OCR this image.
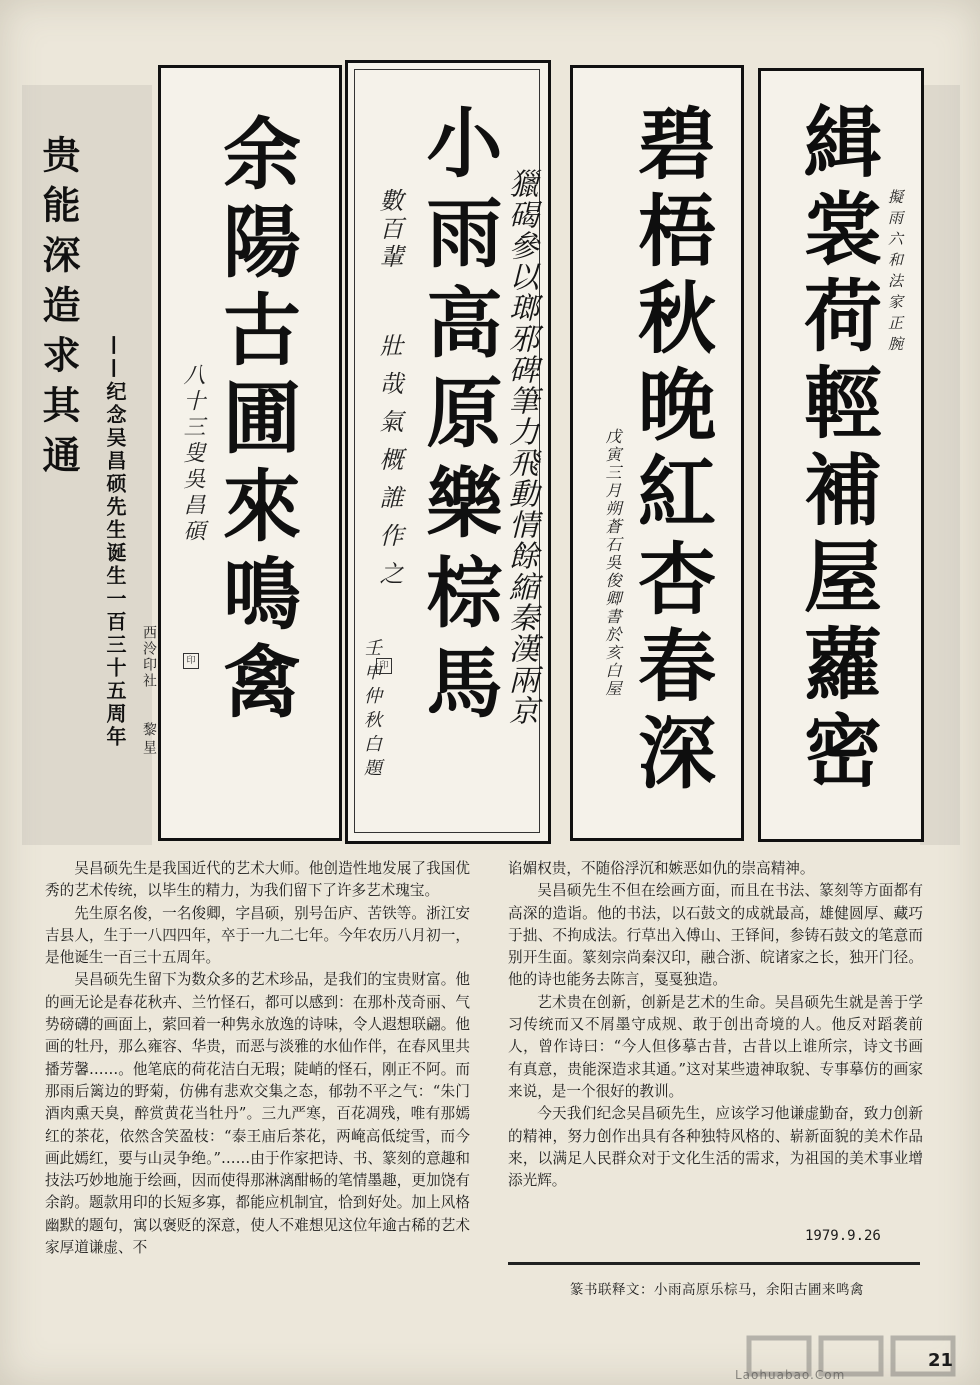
贵能深造求其通
——纪念吴昌硕先生诞生一百三十五周年	西泠印社
黎星
余陽古圃來鳴禽
八十三叟吳昌碩
印	小雨高原樂棕馬 獵碣參以瑯邪碑筆力飛動情餘縮秦漢兩京
數百輩
壯哉氣概誰作之
壬申仲秋白題
印	碧梧秋晚紅杏春深
戊寅三月朔蒼石吳俊卿書於亥白屋 緝裳荷輕補屋蘿密 擬雨六和法家正腕

吴昌硕先生是我国近代的艺术大师。他创造性地发展了我国优秀的艺术传统，以毕生的精力，为我们留下了许多艺术瑰宝。

先生原名俊，一名俊卿，字昌硕，别号缶庐、苦铁等。浙江安吉县人，生于一八四四年，卒于一九二七年。今年农历八月初一，是他诞生一百三十五周年。

吴昌硕先生留下为数众多的艺术珍品，是我们的宝贵财富。他的画无论是春花秋卉、兰竹怪石，都可以感到：在那朴茂奇丽、气势磅礴的画面上，萦回着一种隽永放逸的诗味，令人遐想联翩。他画的牡丹，那么雍容、华贵，而恶与淡雅的水仙作伴，在春风里共播芳馨……。他笔底的荷花洁白无瑕；陡峭的怪石，刚正不阿。而那雨后篱边的野菊，仿佛有悲欢交集之态，郁勃不平之气：“朱门酒肉熏天臭，醉赏黄花当牡丹”。三九严寒，百花凋残，唯有那嫣红的茶花，依然含笑盈枝：“泰王庙后茶花，两崦高低绽雪，而今画此嫣红，要与山灵争绝。”……由于作家把诗、书、篆刻的意趣和技法巧妙地施于绘画，因而使得那淋漓酣畅的笔情墨趣，更加饶有余韵。题款用印的长短多寡，都能应机制宜，恰到好处。加上风格幽默的题句，寓以褒贬的深意，使人不难想见这位年逾古稀的艺术家厚道谦虚、不

谄媚权贵，不随俗浮沉和嫉恶如仇的崇高精神。

吴昌硕先生不但在绘画方面，而且在书法、篆刻等方面都有高深的造诣。他的书法，以石鼓文的成就最高，雄健圆厚、藏巧于拙、不拘成法。行草出入傅山、王铎间，参铸石鼓文的笔意而别开生面。篆刻宗尚秦汉印，融合浙、皖诸家之长，独开门径。他的诗也能务去陈言，戛戛独造。

艺术贵在创新，创新是艺术的生命。吴昌硕先生就是善于学习传统而又不屑墨守成规、敢于创出奇境的人。他反对蹈袭前人，曾作诗曰：“今人但侈摹古昔，古昔以上谁所宗，诗文书画有真意，贵能深造求其通。”这对某些遗神取貌、专事摹仿的画家来说，是一个很好的教训。

今天我们纪念吴昌硕先生，应该学习他谦虚勤奋，致力创新的精神，努力创作出具有各种独特风格的、崭新面貌的美术作品来，以满足人民群众对于文化生活的需求，为祖国的美术事业增添光辉。

1979.9.26
篆书联释文：小雨高原乐棕马，余阳古圃来鸣禽
Laohuabao.Com
21
